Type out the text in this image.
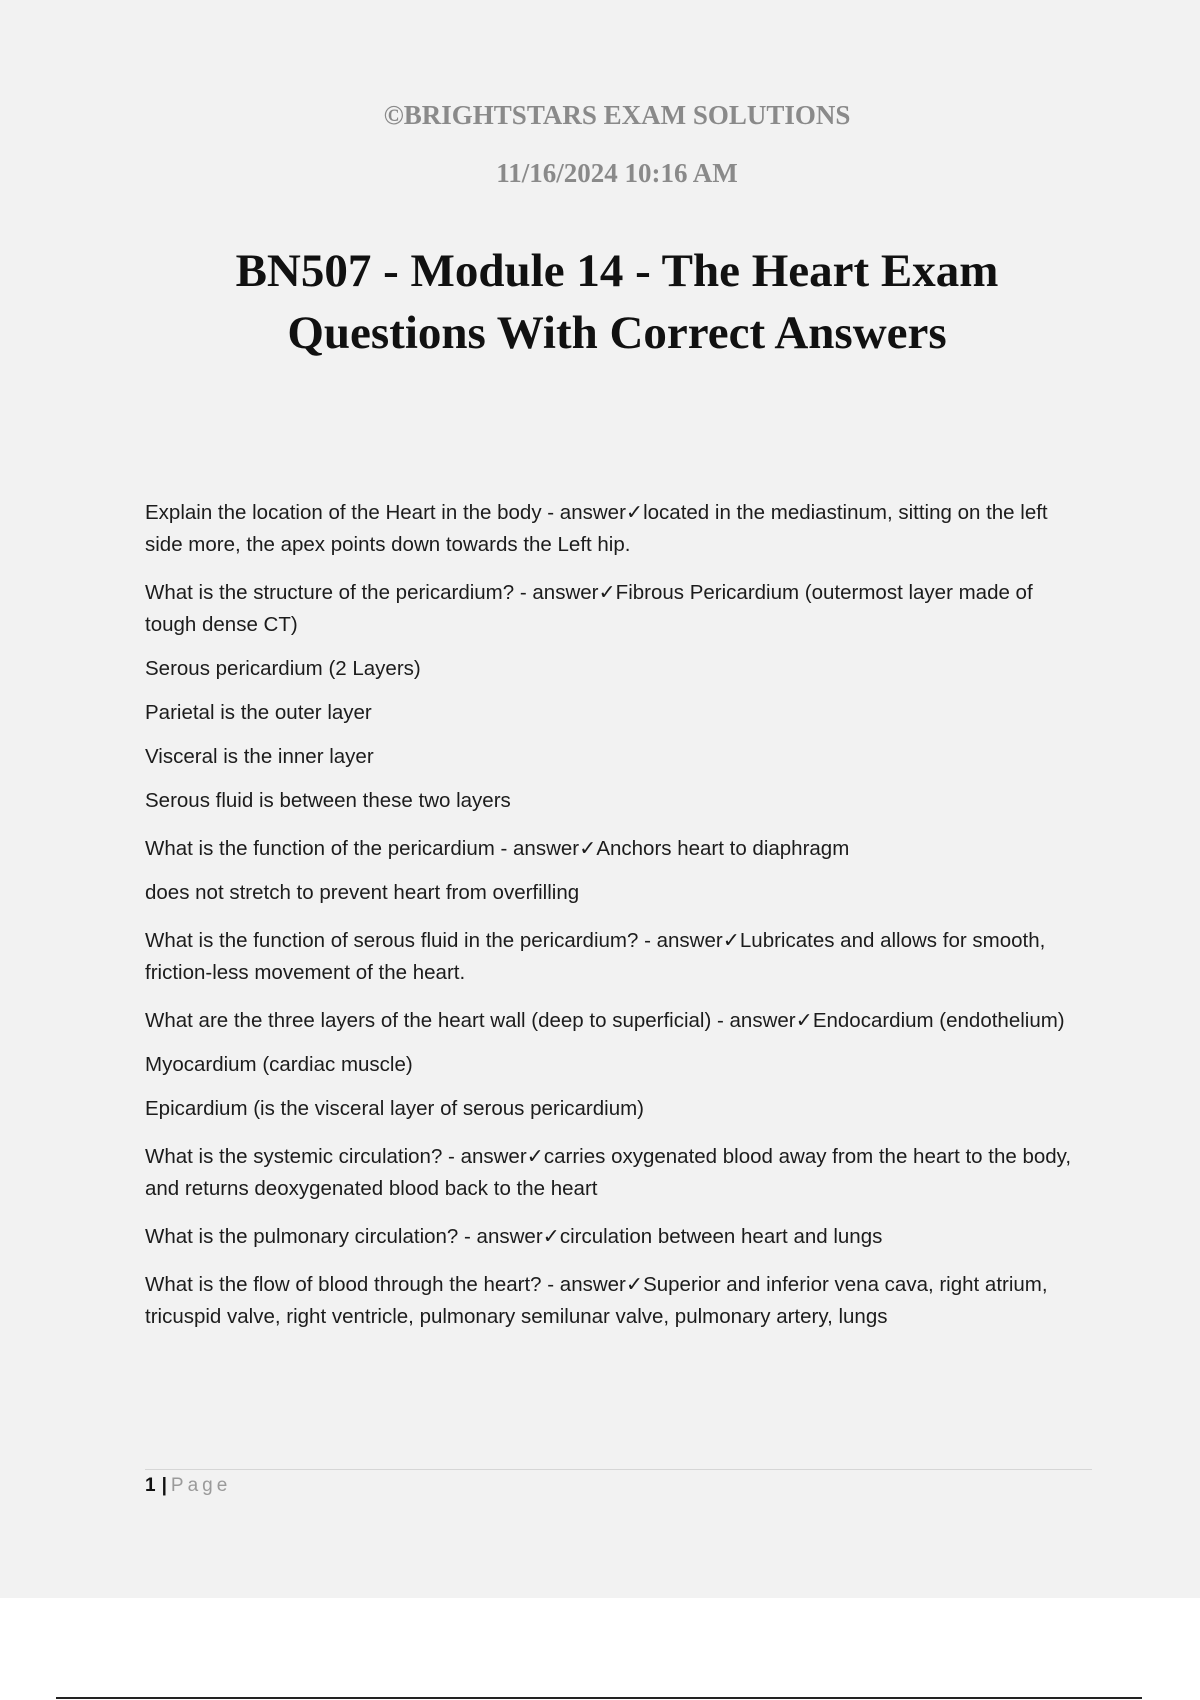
©BRIGHTSTARS EXAM SOLUTIONS
11/16/2024 10:16 AM
BN507 - Module 14 - The Heart Exam Questions With Correct Answers

Explain the location of the Heart in the body - answer✓located in the mediastinum, sitting on the left side more, the apex points down towards the Left hip.

What is the structure of the pericardium? - answer✓Fibrous Pericardium (outermost layer made of tough dense CT)

Serous pericardium (2 Layers)

Parietal is the outer layer

Visceral is the inner layer

Serous fluid is between these two layers

What is the function of the pericardium - answer✓Anchors heart to diaphragm

does not stretch to prevent heart from overfilling

What is the function of serous fluid in the pericardium? - answer✓Lubricates and allows for smooth, friction-less movement of the heart.

What are the three layers of the heart wall (deep to superficial) - answer✓Endocardium (endothelium)

Myocardium (cardiac muscle)

Epicardium (is the visceral layer of serous pericardium)

What is the systemic circulation? - answer✓carries oxygenated blood away from the heart to the body, and returns deoxygenated blood back to the heart

What is the pulmonary circulation? - answer✓circulation between heart and lungs

What is the flow of blood through the heart? - answer✓Superior and inferior vena cava, right atrium, tricuspid valve, right ventricle, pulmonary semilunar valve, pulmonary artery, lungs

1 | Page
